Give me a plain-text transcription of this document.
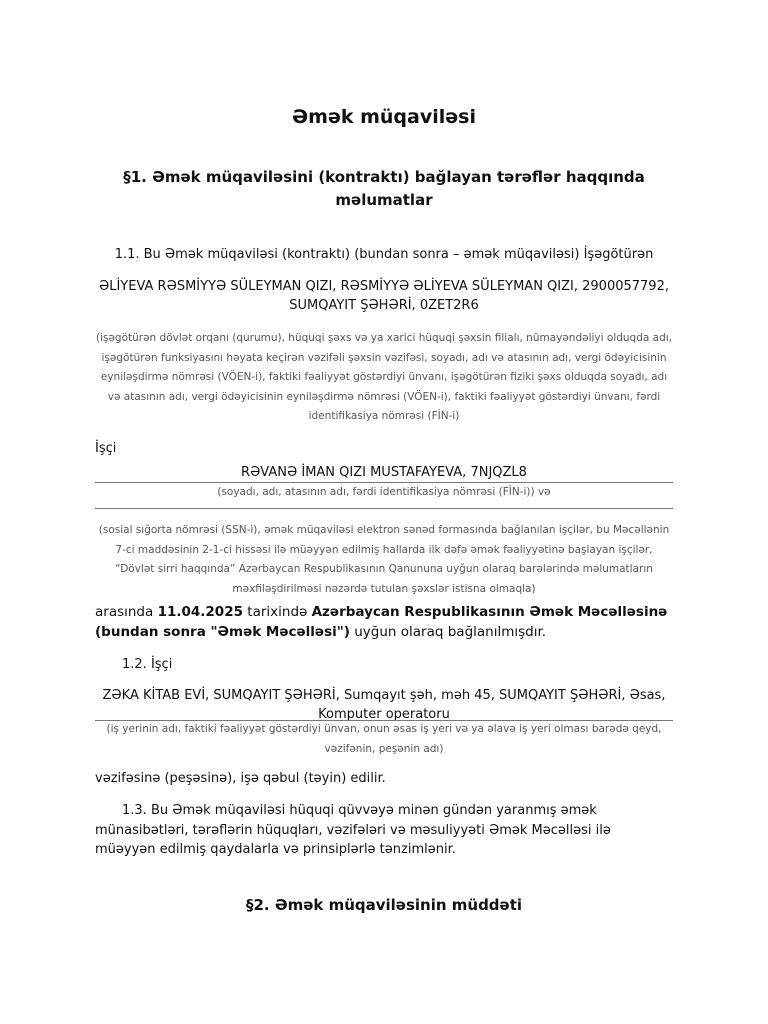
Əmək müqaviləsi
§1. Əmək müqaviləsini (kontraktı) bağlayan tərəflər haqqında məlumatlar
1.1. Bu Əmək müqaviləsi (kontraktı) (bundan sonra – əmək müqaviləsi) İşəgötürən
ƏLİYEVA RƏSMİYYƏ SÜLEYMAN QIZI, RƏSMİYYƏ ƏLİYEVA SÜLEYMAN QIZI, 2900057792, SUMQAYIT ŞƏHƏRİ, 0ZET2R6
(işəgötürən dövlət orqanı (qurumu), hüquqi şəxs və ya xarici hüquqi şəxsin filialı, nümayəndəliyi olduqda adı, işəgötürən funksiyasını həyata keçirən vəzifəli şəxsin vəzifəsi, soyadı, adı və atasının adı, vergi ödəyicisinin eyniləşdirmə nömrəsi (VÖEN-i), faktiki fəaliyyət göstərdiyi ünvanı, işəgötürən fiziki şəxs olduqda soyadı, adı və atasının adı, vergi ödəyicisinin eyniləşdirmə nömrəsi (VÖEN-i), faktiki fəaliyyət göstərdiyi ünvanı, fərdi identifikasiya nömrəsi (FİN-i)
İşçi
RƏVANƏ İMAN QIZI MUSTAFAYEVA, 7NJQZL8
(soyadı, adı, atasının adı, fərdi identifikasiya nömrəsi (FİN-i)) və
(sosial sığorta nömrəsi (SSN-i), əmək müqaviləsi elektron sənəd formasında bağlanılan işçilər, bu Məcəllənin 7-ci maddəsinin 2-1-ci hissəsi ilə müəyyən edilmiş hallarda ilk dəfə əmək fəaliyyətinə başlayan işçilər, “Dövlət sirri haqqında” Azərbaycan Respublikasının Qanununa uyğun olaraq barələrində məlumatların məxfiləşdirilməsi nəzərdə tutulan şəxslər istisna olmaqla)
arasında 11.04.2025 tarixində Azərbaycan Respublikasının Əmək Məcəlləsinə (bundan sonra "Əmək Məcəlləsi") uyğun olaraq bağlanılmışdır.
1.2. İşçi
ZƏKA KİTAB EVİ, SUMQAYIT ŞƏHƏRİ, Sumqayıt şəh, məh 45, SUMQAYIT ŞƏHƏRİ, Əsas, Komputer operatoru
(iş yerinin adı, faktiki fəaliyyət göstərdiyi ünvan, onun əsas iş yeri və ya əlavə iş yeri olması barədə qeyd, vəzifənin, peşənin adı)
vəzifəsinə (peşəsinə), işə qəbul (təyin) edilir.
1.3. Bu Əmək müqaviləsi hüquqi qüvvəyə minən gündən yaranmış əmək münasibətləri, tərəflərin hüquqları, vəzifələri və məsuliyyəti Əmək Məcəlləsi ilə müəyyən edilmiş qaydalarla və prinsiplərlə tənzimlənir.
§2. Əmək müqaviləsinin müddəti
